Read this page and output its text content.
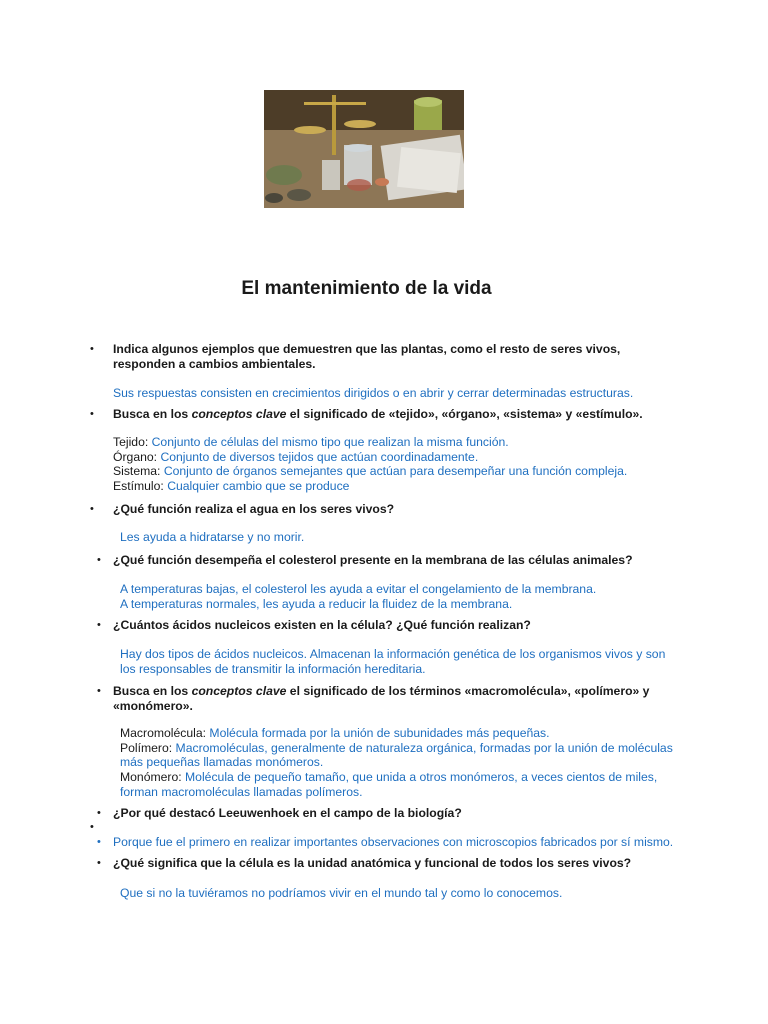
El mantenimiento de la vida
• Indica algunos ejemplos que demuestren que las plantas, como el resto de seres vivos, responden a cambios ambientales.
Sus respuestas consisten en crecimientos dirigidos o en abrir y cerrar determinadas estructuras.
• Busca en los conceptos clave el significado de «tejido», «órgano», «sistema» y «estímulo».
Tejido: Conjunto de células del mismo tipo que realizan la misma función.
Órgano: Conjunto de diversos tejidos que actúan coordinadamente.
Sistema: Conjunto de órganos semejantes que actúan para desempeñar una función compleja.
Estímulo: Cualquier cambio que se produce
• ¿Qué función realiza el agua en los seres vivos?
Les ayuda a hidratarse y no morir.
• ¿Qué función desempeña el colesterol presente en la membrana de las células animales?
A temperaturas bajas, el colesterol les ayuda a evitar el congelamiento de la membrana.
A temperaturas normales, les ayuda a reducir la fluidez de la membrana.
• ¿Cuántos ácidos nucleicos existen en la célula? ¿Qué función realizan?
Hay dos tipos de ácidos nucleicos. Almacenan la información genética de los organismos vivos y son los responsables de transmitir la información hereditaria.
• Busca en los conceptos clave el significado de los términos «macromolécula», «polímero» y «monómero».
Macromolécula: Molécula formada por la unión de subunidades más pequeñas.
Polímero: Macromoléculas, generalmente de naturaleza orgánica, formadas por la unión de moléculas más pequeñas llamadas monómeros.
Monómero: Molécula de pequeño tamaño, que unida a otros monómeros, a veces cientos de miles, forman macromoléculas llamadas polímeros.
• ¿Por qué destacó Leeuwenhoek en el campo de la biología?
•
• Porque fue el primero en realizar importantes observaciones con microscopios fabricados por sí mismo.
• ¿Qué significa que la célula es la unidad anatómica y funcional de todos los seres vivos?
Que si no la tuviéramos no podríamos vivir en el mundo tal y como lo conocemos.
